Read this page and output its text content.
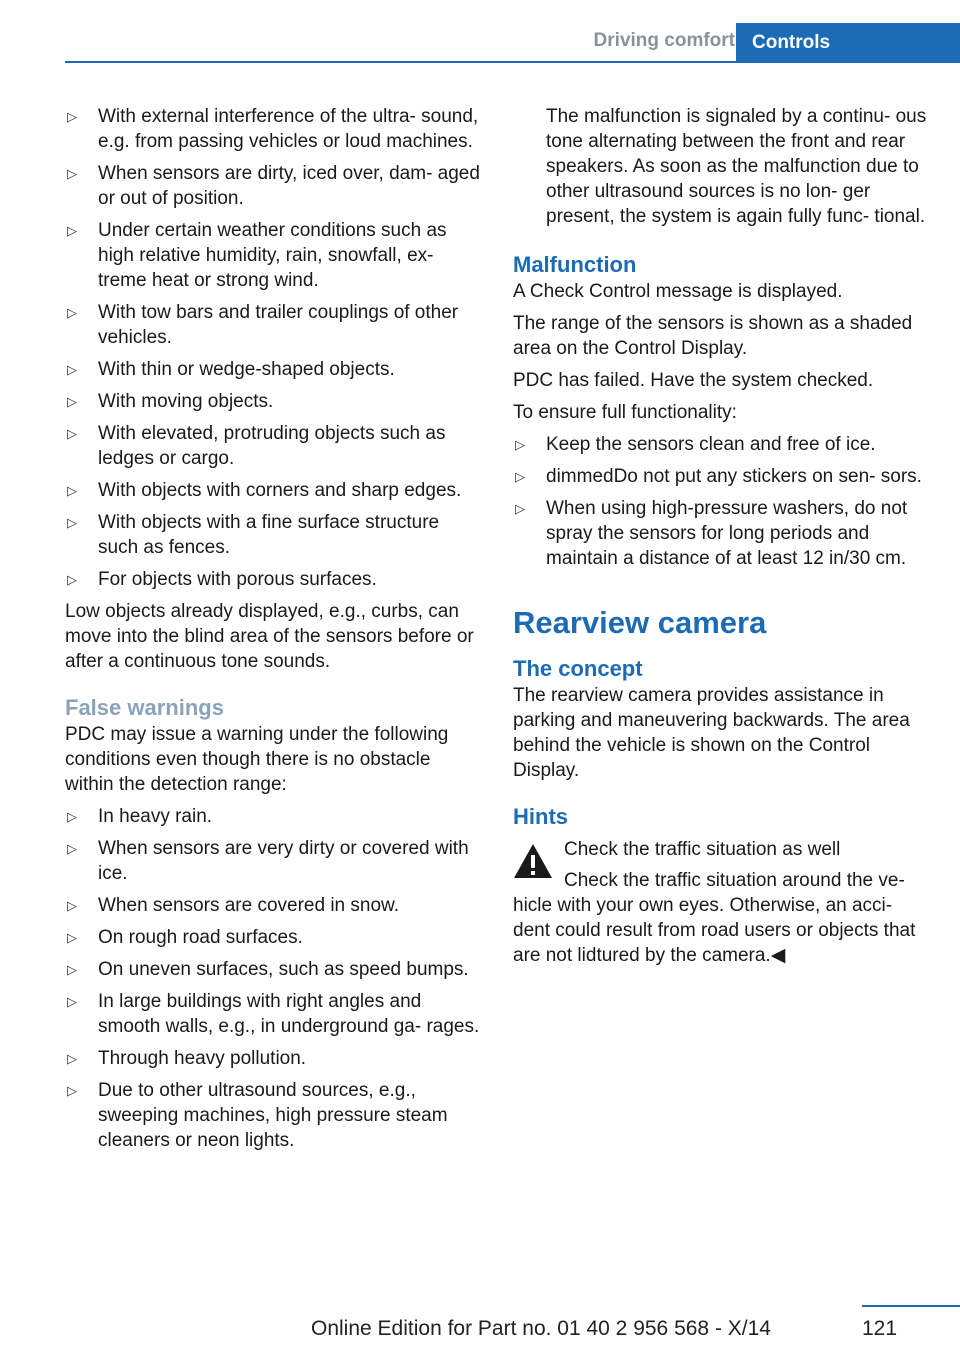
Driving comfort Controls
▷ With external interference of the ultra‐ sound, e.g. from passing vehicles or loud machines.
▷ When sensors are dirty, iced over, dam‐ aged or out of position.
▷ Under certain weather conditions such as high relative humidity, rain, snowfall, ex‐ treme heat or strong wind.
▷ With tow bars and trailer couplings of other vehicles.
▷ With thin or wedge-shaped objects.
▷ With moving objects.
▷ With elevated, protruding objects such as ledges or cargo.
▷ With objects with corners and sharp edges.
▷ With objects with a fine surface structure such as fences.
▷ For objects with porous surfaces.

Low objects already displayed, e.g., curbs, can move into the blind area of the sensors before or after a continuous tone sounds.

False warnings

PDC may issue a warning under the following conditions even though there is no obstacle within the detection range:

▷ In heavy rain.
▷ When sensors are very dirty or covered with ice.
▷ When sensors are covered in snow.
▷ On rough road surfaces.
▷ On uneven surfaces, such as speed bumps.
▷ In large buildings with right angles and smooth walls, e.g., in underground ga‐ rages.
▷ Through heavy pollution.
▷ Due to other ultrasound sources, e.g., sweeping machines, high pressure steam cleaners or neon lights.

The malfunction is signaled by a continu‐ ous tone alternating between the front and rear speakers. As soon as the malfunction due to other ultrasound sources is no lon‐ ger present, the system is again fully func‐ tional.

Malfunction

A Check Control message is displayed.

The range of the sensors is shown as a shaded area on the Control Display.

PDC has failed. Have the system checked.

To ensure full functionality:

▷ Keep the sensors clean and free of ice.
▷ dimmedDo not put any stickers on sen‐ sors.
▷ When using high-pressure washers, do not spray the sensors for long periods and maintain a distance of at least 12 in/30 cm.
Rearview camera
The concept

The rearview camera provides assistance in parking and maneuvering backwards. The area behind the vehicle is shown on the Control Display.

Hints

Check the traffic situation as well

Check the traffic situation around the ve‐ hicle with your own eyes. Otherwise, an acci‐ dent could result from road users or objects that are not lidtured by the camera.◀

121
Online Edition for Part no. 01 40 2 956 568 - X/14
